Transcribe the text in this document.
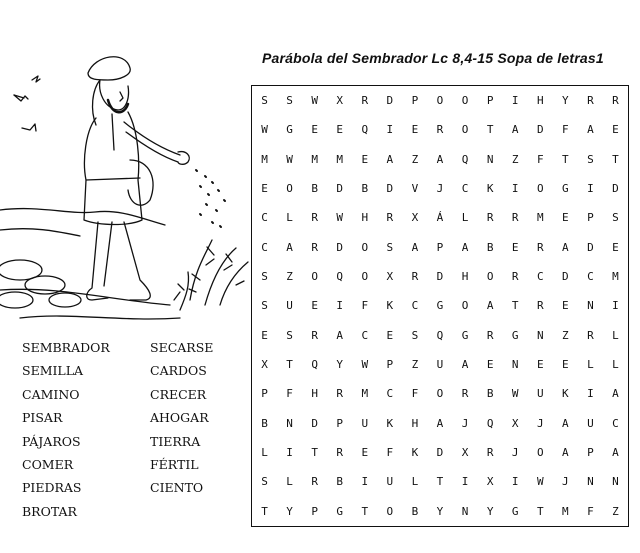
Parábola del Sembrador Lc 8,4-15 Sopa de letras1
S	S	W	X	R	D	P	O	O	P	I	H	Y	R	R
W	G	E	E	Q	I	E	R	O	T	A	D	F	A	E
M	W	M	M	E	A	Z	A	Q	N	Z	F	T	S	T
E	O	B	D	B	D	V	J	C	K	I	O	G	I	D
C	L	R	W	H	R	X	Á	L	R	R	M	E	P	S
C	A	R	D	O	S	A	P	A	B	E	R	A	D	E
S	Z	O	Q	O	X	R	D	H	O	R	C	D	C	M
S	U	E	I	F	K	C	G	O	A	T	R	E	N	I
E	S	R	A	C	E	S	Q	G	R	G	N	Z	R	L
X	T	Q	Y	W	P	Z	U	A	E	N	E	E	L	L
P	F	H	R	M	C	F	O	R	B	W	U	K	I	A
B	N	D	P	U	K	H	A	J	Q	X	J	A	U	C
L	I	T	R	E	F	K	D	X	R	J	O	A	P	A
S	L	R	B	I	U	L	T	I	X	I	W	J	N	N
T	Y	P	G	T	O	B	Y	N	Y	G	T	M	F	Z
SEMBRADOR
SEMILLA
CAMINO
PISAR
PÁJAROS
COMER
PIEDRAS
BROTAR
SECARSE
CARDOS
CRECER
AHOGAR
TIERRA
FÉRTIL
CIENTO
